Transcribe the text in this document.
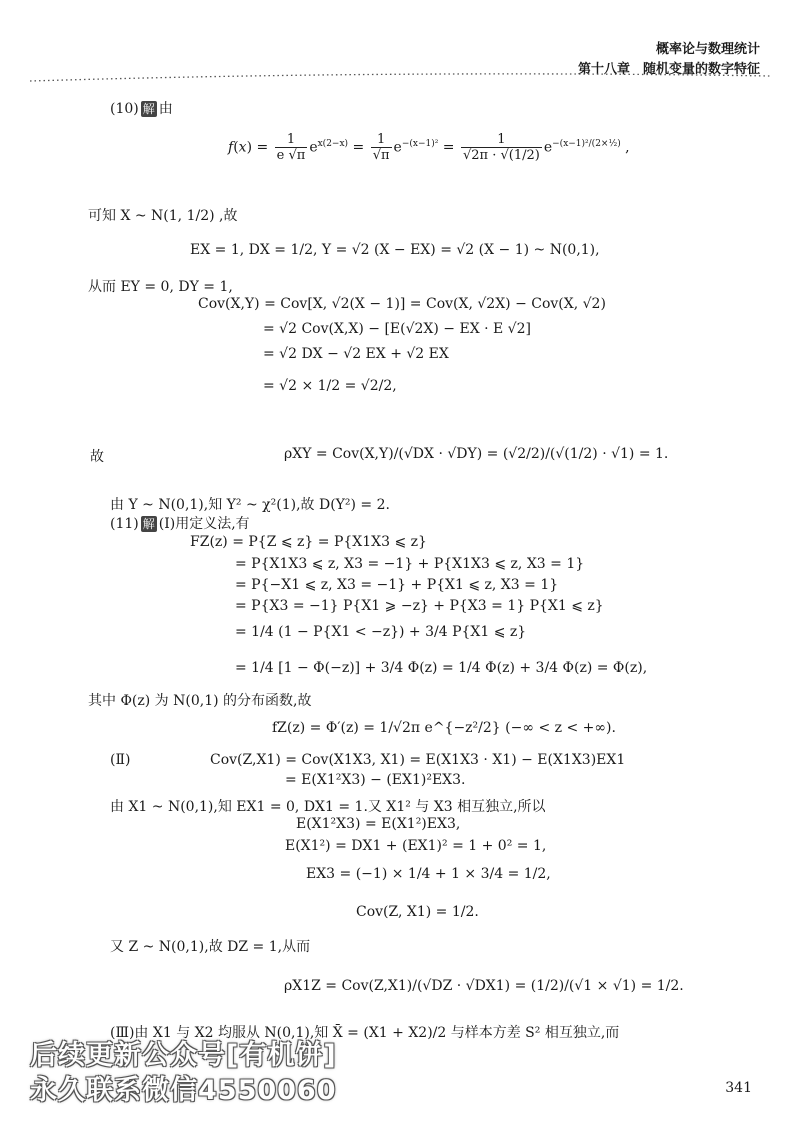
概率论与数理统计
第十八章　随机变量的数字特征
(10) 解 由
$f(x) = \frac{1}{e √\pi} e^{x(2-x)} = \frac{1}{√\pi} e^{-(x-1)^2} = \frac{1}{√2\pi \cdot √(1/2)} e^{-(x-1)^2/(2\times\frac{1}{2})}$ ,
可知 X ~ N(1, 1/2) ,故
EX = 1, DX = 1/2, Y = √2 (X − EX) = √2 (X − 1) ~ N(0,1),
从而 EY = 0, DY = 1,
Cov(X,Y) = Cov[X, √2(X − 1)] = Cov(X, √2X) − Cov(X, √2)
= √2 Cov(X,X) − [E(√2X) − EX · E √2]
= √2 DX − √2 EX + √2 EX
= √2 × 1/2 = √2/2,
故	ρXY = Cov(X,Y)/(√DX · √DY) = (√2/2)/(√(1/2) · √1) = 1.
由 Y ~ N(0,1),知 Y² ~ χ²(1),故 D(Y²) = 2.
(11) 解 (Ⅰ)用定义法,有
FZ(z) = P{Z ⩽ z} = P{X1X3 ⩽ z}
= P{X1X3 ⩽ z, X3 = −1} + P{X1X3 ⩽ z, X3 = 1}
= P{−X1 ⩽ z, X3 = −1} + P{X1 ⩽ z, X3 = 1}
= P{X3 = −1} P{X1 ⩾ −z} + P{X3 = 1} P{X1 ⩽ z}
= 1/4 (1 − P{X1 < −z}) + 3/4 P{X1 ⩽ z}
= 1/4 [1 − Φ(−z)] + 3/4 Φ(z) = 1/4 Φ(z) + 3/4 Φ(z) = Φ(z),
其中 Φ(z) 为 N(0,1) 的分布函数,故
fZ(z) = Φ′(z) = 1/√2π e^{−z²/2} (−∞ < z < +∞).
(Ⅱ)	Cov(Z,X1) = Cov(X1X3, X1) = E(X1X3 · X1) − E(X1X3)EX1
= E(X1²X3) − (EX1)²EX3.
由 X1 ~ N(0,1),知 EX1 = 0, DX1 = 1.又 X1² 与 X3 相互独立,所以
E(X1²X3) = E(X1²)EX3,
E(X1²) = DX1 + (EX1)² = 1 + 0² = 1,
EX3 = (−1) × 1/4 + 1 × 3/4 = 1/2,
Cov(Z, X1) = 1/2.
又 Z ~ N(0,1),故 DZ = 1,从而
ρX1Z = Cov(Z,X1)/(√DZ · √DX1) = (1/2)/(√1 × √1) = 1/2.
(Ⅲ)由 X1 与 X2 均服从 N(0,1),知 X̄ = (X1 + X2)/2 与样本方差 S² 相互独立,而
后续更新公众号[有机饼]
永久联系微信4550060	341
